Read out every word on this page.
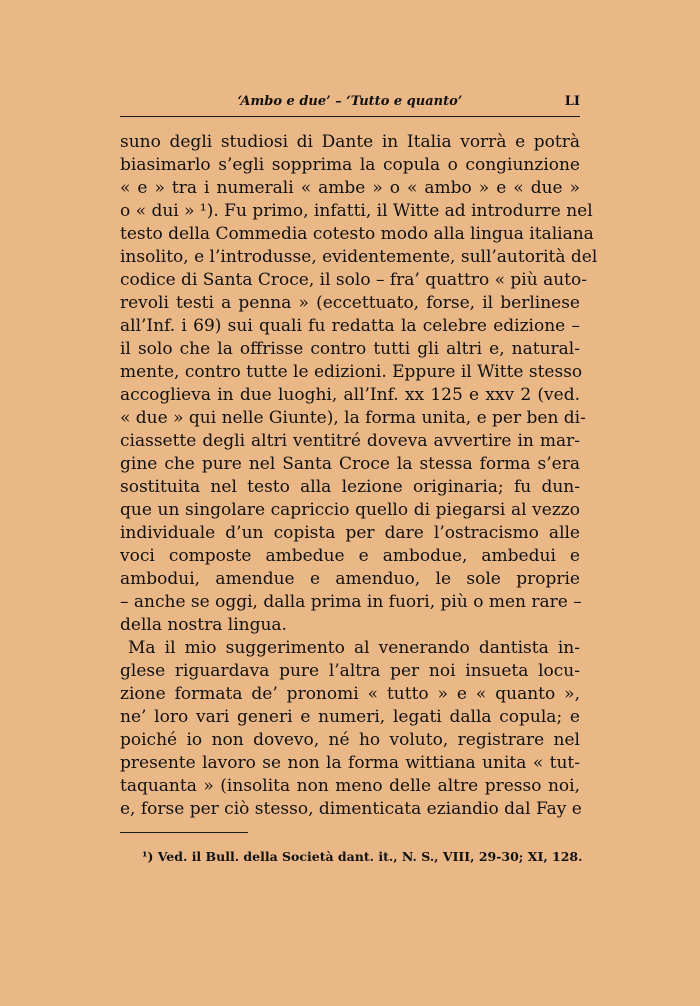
‘Ambo e due’ – ‘Tutto e quanto’	LI
suno degli studiosi di Dante in Italia vorrà e potrà
biasimarlo s’egli sopprima la copula o congiunzione
« e » tra i numerali « ambe » o « ambo » e « due »
o « dui » ¹). Fu primo, infatti, il Witte ad introdurre nel
testo della Commedia cotesto modo alla lingua italiana
insolito, e l’introdusse, evidentemente, sull’autorità del
codice di Santa Croce, il solo – fra’ quattro « più auto-
revoli testi a penna » (eccettuato, forse, il berlinese
all’Inf. i 69) sui quali fu redatta la celebre edizione –
il solo che la offrisse contro tutti gli altri e, natural-
mente, contro tutte le edizioni. Eppure il Witte stesso
accoglieva in due luoghi, all’Inf. xx 125 e xxv 2 (ved.
« due » qui nelle Giunte), la forma unita, e per ben di-
ciassette degli altri ventitré doveva avvertire in mar-
gine che pure nel Santa Croce la stessa forma s’era
sostituita nel testo alla lezione originaria; fu dun-
que un singolare capriccio quello di piegarsi al vezzo
individuale d’un copista per dare l’ostracismo alle
voci composte ambedue e ambodue, ambedui e
ambodui, amendue e amenduo, le sole proprie
– anche se oggi, dalla prima in fuori, più o men rare –
della nostra lingua.
Ma il mio suggerimento al venerando dantista in-
glese riguardava pure l’altra per noi insueta locu-
zione formata de’ pronomi « tutto » e « quanto »,
ne’ loro vari generi e numeri, legati dalla copula; e
poiché io non dovevo, né ho voluto, registrare nel
presente lavoro se non la forma wittiana unita « tut-
taquanta » (insolita non meno delle altre presso noi,
e, forse per ciò stesso, dimenticata eziandio dal Fay e
¹) Ved. il Bull. della Società dant. it., N. S., VIII, 29-30; XI, 128.
